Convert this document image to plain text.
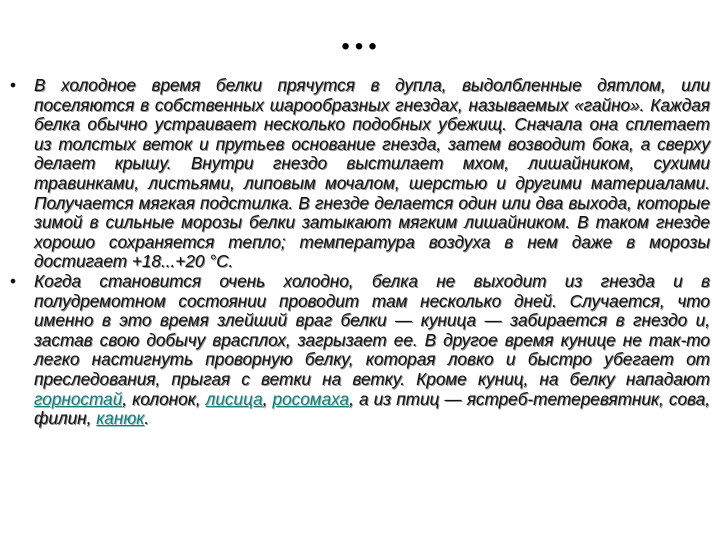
…
• В холодное время белки прячутся в дупла, выдолбленные дятлом, или поселяются в собственных шарообразных гнездах, называемых «гайно». Каждая белка обычно устраивает несколько подобных убежищ. Сначала она сплетает из толстых веток и прутьев основание гнезда, затем возводит бока, а сверху делает крышу. Внутри гнездо выстилает мхом, лишайником, сухими травинками, листьями, липовым мочалом, шерстью и другими материалами. Получается мягкая подстилка. В гнезде делается один или два выхода, которые зимой в сильные морозы белки затыкают мягким лишайником. В таком гнезде хорошо сохраняется тепло; температура воздуха в нем даже в морозы достигает +18...+20 °С.
• Когда становится очень холодно, белка не выходит из гнезда и в полудремотном состоянии проводит там несколько дней. Случается, что именно в это время злейший враг белки — куница — забирается в гнездо и, застав свою добычу врасплох, загрызает ее. В другое время кунице не так-то легко настигнуть проворную белку, которая ловко и быстро убегает от преследования, прыгая с ветки на ветку. Кроме куниц, на белку нападают горностай, колонок, лисица, росомаха, а из птиц — ястреб-тетеревятник, сова, филин, канюк.
